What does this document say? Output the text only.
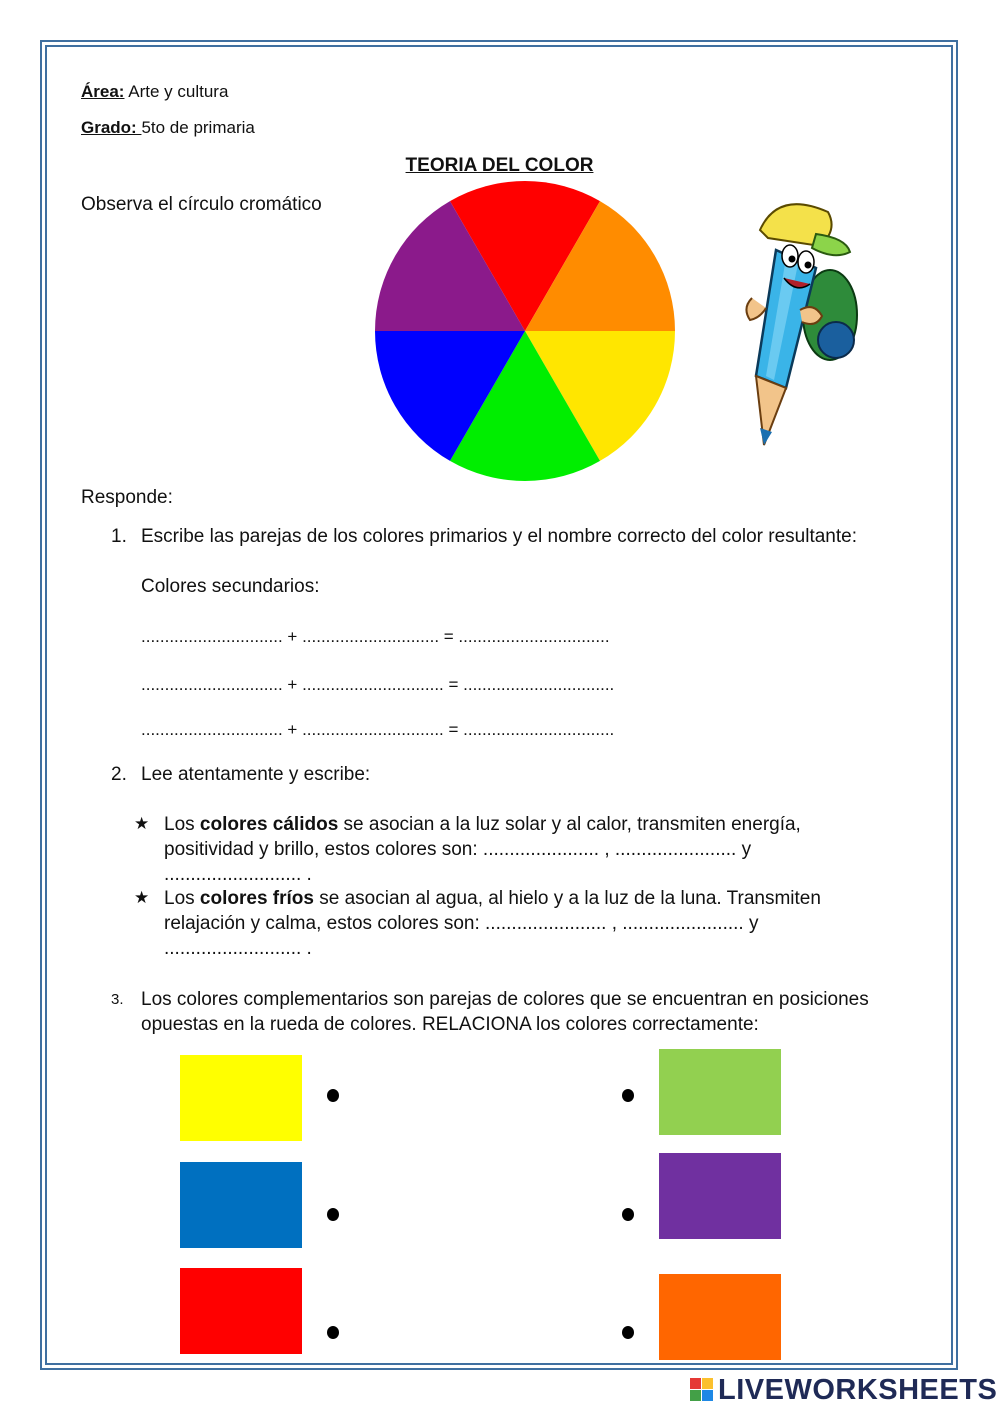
Área: Arte y cultura
Grado: 5to de primaria
TEORIA DEL COLOR
Observa el círculo cromático
Responde:
1. Escribe las parejas de los colores primarios y el nombre correcto del color resultante:
Colores secundarios:
.............................. + ............................. = ................................
.............................. + .............................. = ................................
.............................. + .............................. = ................................
2. Lee atentamente y escribe:
★ Los colores cálidos se asocian a la luz solar y al calor, transmiten energía, positividad y brillo, estos colores son: ...................... , ....................... y .......................... .
★ Los colores fríos se asocian al agua, al hielo y a la luz de la luna. Transmiten relajación y calma, estos colores son: ....................... , ....................... y .......................... .
3. Los colores complementarios son parejas de colores que se encuentran en posiciones opuestas en la rueda de colores. RELACIONA los colores correctamente:
LIVEWORKSHEETS
